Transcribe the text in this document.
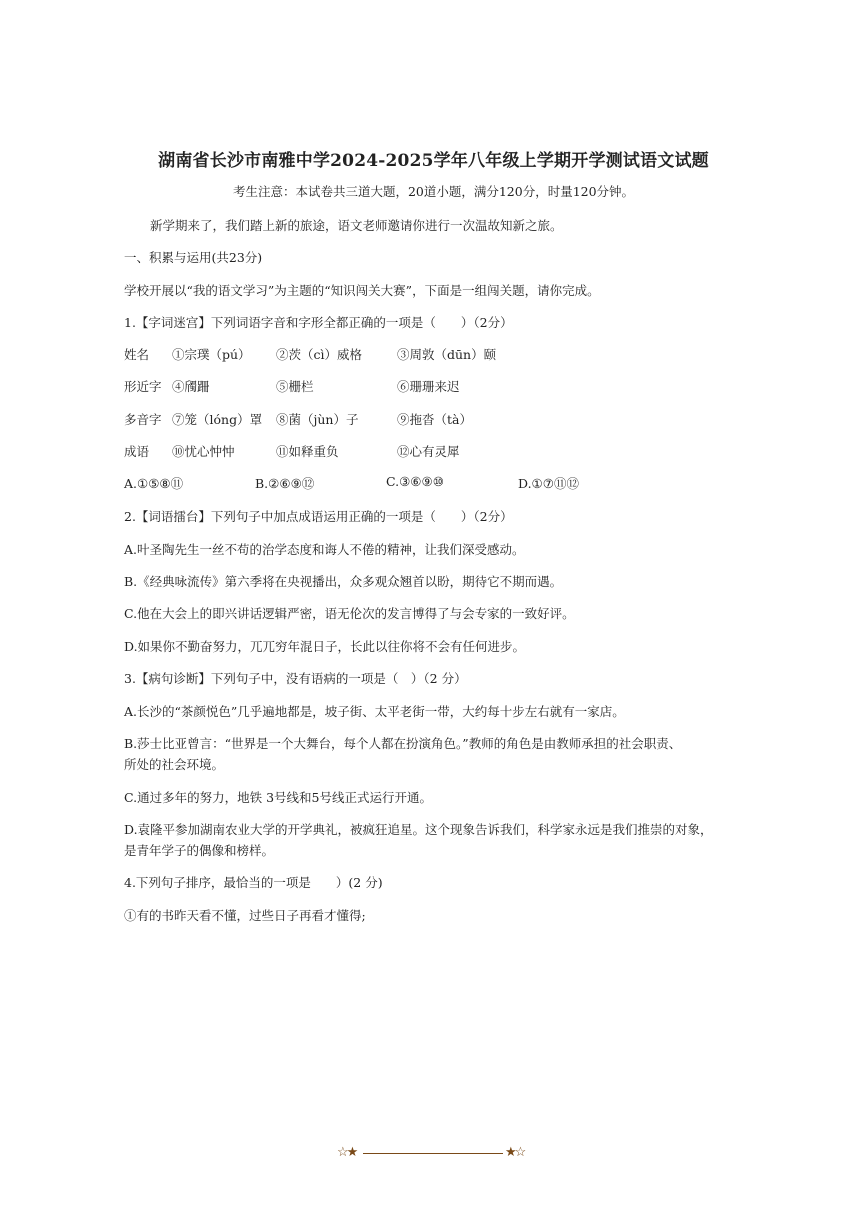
湖南省长沙市南雅中学2024-2025学年八年级上学期开学测试语文试题
考生注意：本试卷共三道大题，20道小题，满分120分，时量120分钟。
新学期来了，我们踏上新的旅途，语文老师邀请你进行一次温故知新之旅。
一、积累与运用(共23分)
学校开展以“我的语文学习”为主题的“知识闯关大赛”，下面是一组闯关题，请你完成。
1.【字词迷宫】下列词语字音和字形全都正确的一项是（　　）（2分）
姓名 ①宗璞（pú） ②茨（cì）威格	③周敦（dūn）颐
形近字 ④斶跚	⑤栅栏	⑥珊珊来迟
多音字 ⑦笼（lóng）罩 ⑧菌（jùn）子	⑨拖沓（tà）
成语 ⑩忧心忡忡	⑪如释重负	⑫心有灵犀
A.①⑤⑧⑪	B.②⑥⑨⑫	C.③⑥⑨⑩	D.①⑦⑪⑫
2.【词语擂台】下列句子中加点成语运用正确的一项是（　　）（2分）
A.叶圣陶先生一丝不苟的治学态度和诲人不倦的精神，让我们深受感动。
B.《经典咏流传》第六季将在央视播出，众多观众翘首以盼，期待它不期而遇。
C.他在大会上的即兴讲话逻辑严密，语无伦次的发言博得了与会专家的一致好评。
D.如果你不勤奋努力，兀兀穷年混日子，长此以往你将不会有任何进步。
3.【病句诊断】下列句子中，没有语病的一项是（　）（2 分）
A.长沙的“茶颜悦色”几乎遍地都是，坡子街、太平老街一带，大约每十步左右就有一家店。
B.莎士比亚曾言：“世界是一个大舞台，每个人都在扮演角色。”教师的角色是由教师承担的社会职责、
所处的社会环境。
C.通过多年的努力，地铁 3号线和5号线正式运行开通。
D.袁隆平参加湖南农业大学的开学典礼，被疯狂追星。这个现象告诉我们，科学家永远是我们推崇的对象，
是青年学子的偶像和榜样。
4.下列句子排序，最恰当的一项是　　）(2 分)
①有的书昨天看不懂，过些日子再看才懂得;
☆★	★☆
